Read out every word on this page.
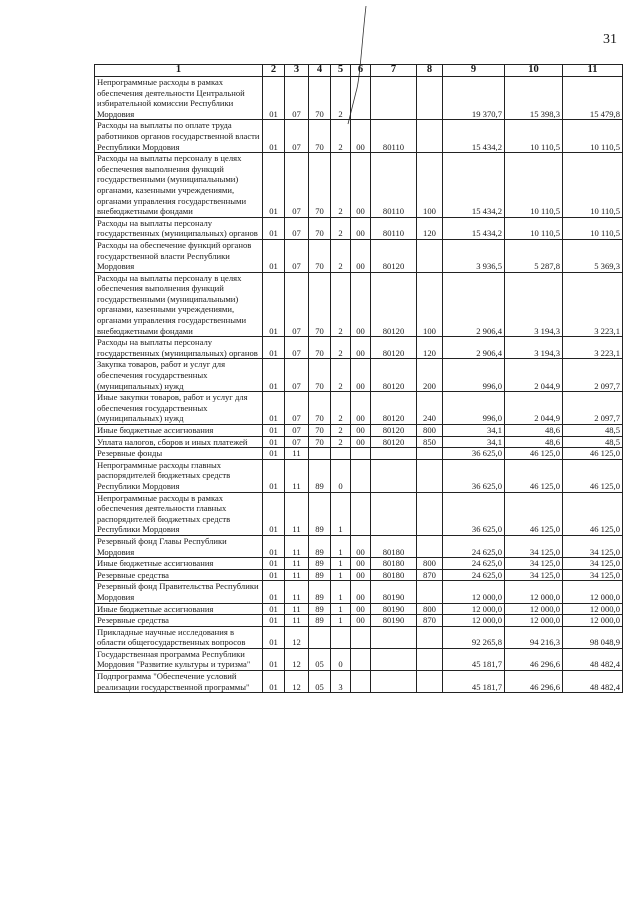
31
1	2	3	4	5	6	7	8	9	10	11
Непрограммные расходы в рамках обеспечения деятельности Центральной избирательной комиссии Республики Мордовия	01	07	70	2				19 370,7	15 398,3	15 479,8
Расходы на выплаты по оплате труда работников органов государственной власти Республики Мордовия	01	07	70	2	00	80110		15 434,2	10 110,5	10 110,5
Расходы на выплаты персоналу в целях обеспечения выполнения функций государственными (муниципальными) органами, казенными учреждениями, органами управления государственными внебюджетными фондами	01	07	70	2	00	80110	100	15 434,2	10 110,5	10 110,5
Расходы на выплаты персоналу государственных (муниципальных) органов	01	07	70	2	00	80110	120	15 434,2	10 110,5	10 110,5
Расходы на обеспечение функций органов государственной власти Республики Мордовия	01	07	70	2	00	80120		3 936,5	5 287,8	5 369,3
Расходы на выплаты персоналу в целях обеспечения выполнения функций государственными (муниципальными) органами, казенными учреждениями, органами управления государственными внебюджетными фондами	01	07	70	2	00	80120	100	2 906,4	3 194,3	3 223,1
Расходы на выплаты персоналу государственных (муниципальных) органов	01	07	70	2	00	80120	120	2 906,4	3 194,3	3 223,1
Закупка товаров, работ и услуг для обеспечения государственных (муниципальных) нужд	01	07	70	2	00	80120	200	996,0	2 044,9	2 097,7
Иные закупки товаров, работ и услуг для обеспечения государственных (муниципальных) нужд	01	07	70	2	00	80120	240	996,0	2 044,9	2 097,7
Иные бюджетные ассигнования	01	07	70	2	00	80120	800	34,1	48,6	48,5
Уплата налогов, сборов и иных платежей	01	07	70	2	00	80120	850	34,1	48,6	48,5
Резервные фонды	01	11						36 625,0	46 125,0	46 125,0
Непрограммные расходы главных распорядителей бюджетных средств Республики Мордовия	01	11	89	0				36 625,0	46 125,0	46 125,0
Непрограммные расходы в рамках обеспечения деятельности главных распорядителей бюджетных средств Республики Мордовия	01	11	89	1				36 625,0	46 125,0	46 125,0
Резервный фонд Главы Республики Мордовия	01	11	89	1	00	80180		24 625,0	34 125,0	34 125,0
Иные бюджетные ассигнования	01	11	89	1	00	80180	800	24 625,0	34 125,0	34 125,0
Резервные средства	01	11	89	1	00	80180	870	24 625,0	34 125,0	34 125,0
Резервный фонд Правительства Республики Мордовия	01	11	89	1	00	80190		12 000,0	12 000,0	12 000,0
Иные бюджетные ассигнования	01	11	89	1	00	80190	800	12 000,0	12 000,0	12 000,0
Резервные средства	01	11	89	1	00	80190	870	12 000,0	12 000,0	12 000,0
Прикладные научные исследования в области общегосударственных вопросов	01	12						92 265,8	94 216,3	98 048,9
Государственная программа Республики Мордовия "Развитие культуры и туризма"	01	12	05	0				45 181,7	46 296,6	48 482,4
Подпрограмма "Обеспечение условий реализации государственной программы"	01	12	05	3				45 181,7	46 296,6	48 482,4
